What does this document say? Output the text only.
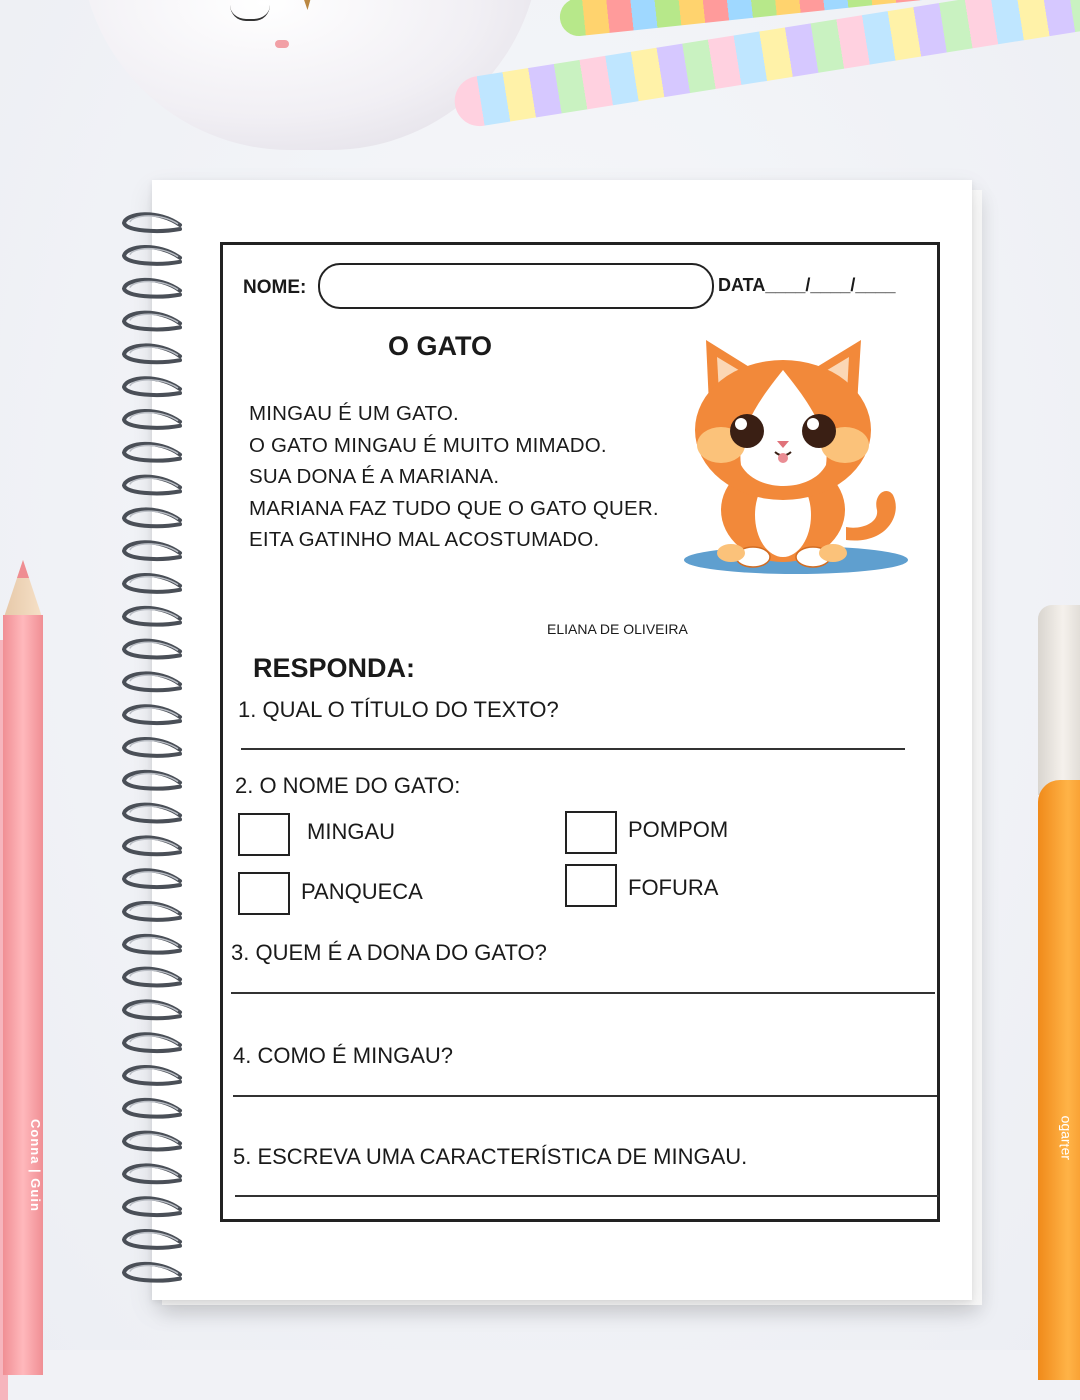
Conna | Guin	ɹǝʇɹɐƃo
NOME:	DATA____/____/____
O GATO
MINGAU É UM GATO.
O GATO MINGAU É MUITO MIMADO.
SUA DONA É A MARIANA.
MARIANA FAZ TUDO QUE O GATO QUER.
EITA GATINHO MAL ACOSTUMADO.
ELIANA DE OLIVEIRA
RESPONDA:
1. QUAL O TÍTULO DO TEXTO?
2. O NOME DO GATO:
MINGAU	POMPOM
PANQUECA	FOFURA
3. QUEM É A DONA DO GATO?
4. COMO É MINGAU?
5. ESCREVA UMA CARACTERÍSTICA DE MINGAU.
